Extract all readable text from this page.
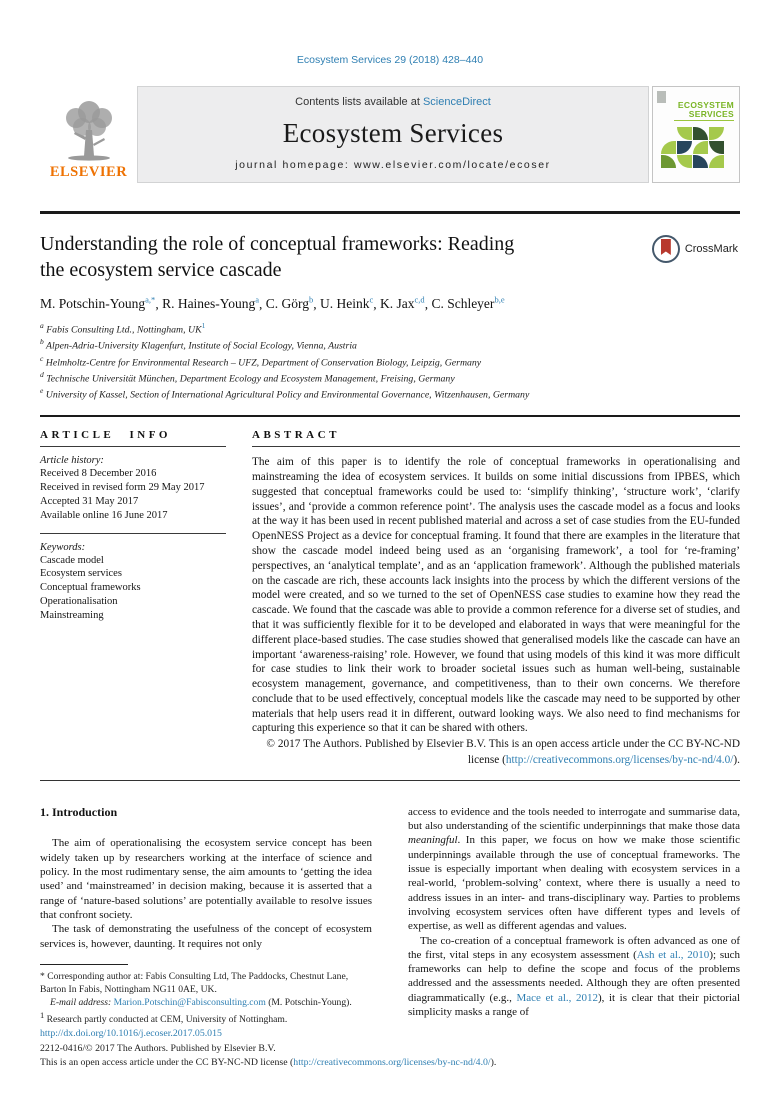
Ecosystem Services 29 (2018) 428–440
ELSEVIER
Contents lists available at ScienceDirect
Ecosystem Services
journal homepage: www.elsevier.com/locate/ecoser
ECOSYSTEM
SERVICES
Understanding the role of conceptual frameworks: Reading
the ecosystem service cascade
CrossMark
M. Potschin-Young$^{a,*}$, R. Haines-Young$^a$, C. Görg$^b$, U. Heink$^c$, K. Jax$^{c,d}$, C. Schleyer$^{b,e}$
$^a$ Fabis Consulting Ltd., Nottingham, $UK^1$
$^b$ Alpen-Adria-University Klagenfurt, Institute of Social Ecology, Vienna, Austria
$^c$ Helmholtz-Centre for Environmental Research – UFZ, Department of Conservation Biology, Leipzig, Germany
$^d$ Technische Universität München, Department Ecology and Ecosystem Management, Freising, Germany
$^e$ University of Kassel, Section of International Agricultural Policy and Environmental Governance, Witzenhausen, Germany
ARTICLE INFO
Article history:
Received 8 December 2016
Received in revised form 29 May 2017
Accepted 31 May 2017
Available online 16 June 2017
Keywords:
Cascade model
Ecosystem services
Conceptual frameworks
Operationalisation
Mainstreaming
ABSTRACT
The aim of this paper is to identify the role of conceptual frameworks in operationalising and mainstreaming the idea of ecosystem services. It builds on some initial discussions from IPBES, which suggested that conceptual frameworks could be used to: ‘simplify thinking’, ‘structure work’, ‘clarify issues’, and ‘provide a common reference point’. The analysis uses the cascade model as a focus and looks at the way it has been used in recent published material and across a set of case studies from the EU-funded OpenNESS Project as a device for conceptual framing. It found that there are examples in the literature that show the cascade model indeed being used as an ‘organising framework’, a tool for ‘re-framing’ perspectives, an ‘analytical template’, and as an ‘application framework’. Although the published materials on the cascade are rich, these accounts lack insights into the process by which the different versions of the model were created, and so we turned to the set of OpenNESS case studies to examine how they read the cascade. We found that the cascade was able to provide a common reference for a diverse set of studies, and that it was sufficiently flexible for it to be developed and elaborated in ways that were meaningful for the different place-based studies. The case studies showed that generalised models like the cascade can have an important ‘awareness-raising’ role. However, we found that using models of this kind it was more difficult for case studies to link their work to broader societal issues such as human well-being, sustainable ecosystem management, governance, and competitiveness, than to their own concerns. We therefore conclude that to be used effectively, conceptual models like the cascade may need to be supported by other materials that help users read it in different, outward looking ways. We also need to find mechanisms for capturing this experience so that it can be shared with others.
© 2017 The Authors. Published by Elsevier B.V. This is an open access article under the CC BY-NC-ND
license (http://creativecommons.org/licenses/by-nc-nd/4.0/).
1. Introduction

The aim of operationalising the ecosystem service concept has been widely taken up by researchers working at the interface of science and policy. In the most rudimentary sense, the aim amounts to ‘getting the idea used’ and ‘mainstreamed’ in decision making, because it is asserted that a range of ‘nature-based solutions’ are potentially available to resolve issues that confront society.

The task of demonstrating the usefulness of the concept of ecosystem services is, however, daunting. It requires not only

* Corresponding author at: Fabis Consulting Ltd, The Paddocks, Chestnut Lane, Barton In Fabis, Nottingham NG11 0AE, UK.
E-mail address: Marion.Potschin@Fabisconsulting.com (M. Potschin-Young).
$^1$ Research partly conducted at CEM, University of Nottingham.

access to evidence and the tools needed to interrogate and summarise data, but also understanding of the scientific underpinnings that make those data meaningful. In this paper, we focus on how we make those scientific underpinnings available through the use of conceptual frameworks. The issue is especially important when dealing with ecosystem services in a real-world, ‘problem-solving’ context, where there is usually a need to address issues in an inter- and trans-disciplinary way. Parties to problems involving ecosystem services often have different types and levels of expertise, as well as different agendas and values.

The co-creation of a conceptual framework is often advanced as one of the first, vital steps in any ecosystem assessment (Ash et al., 2010); such frameworks can help to define the scope and focus of the problems addressed and the assessments needed. Although they are often presented diagrammatically (e.g., Mace et al., 2012), it is clear that their pictorial simplicity masks a range of

http://dx.doi.org/10.1016/j.ecoser.2017.05.015
2212-0416/© 2017 The Authors. Published by Elsevier B.V.
This is an open access article under the CC BY-NC-ND license (http://creativecommons.org/licenses/by-nc-nd/4.0/).
